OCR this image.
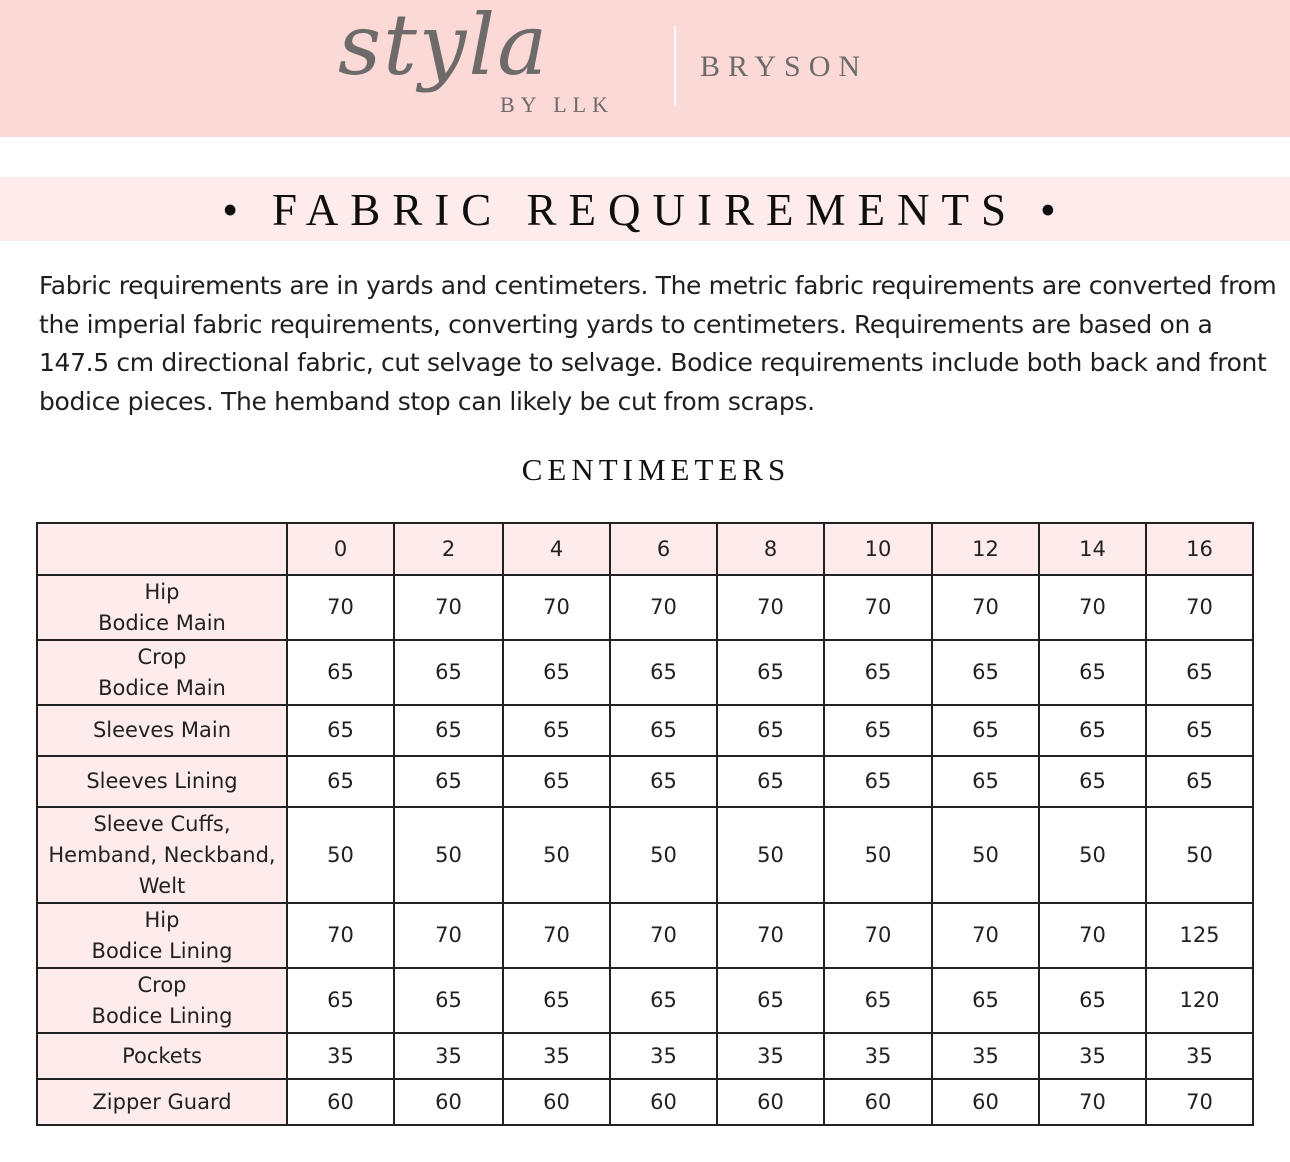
styla
BY LLK
BRYSON
• FABRIC REQUIREMENTS •
Fabric requirements are in yards and centimeters. The metric fabric requirements are converted from the imperial fabric requirements, converting yards to centimeters. Requirements are based on a 147.5 cm directional fabric, cut selvage to selvage. Bodice requirements include both back and front bodice pieces. The hemband stop can likely be cut from scraps.
CENTIMETERS
	0	2	4	6	8	10	12	14	16

Hip
Bodice Main	70	70	70	70	70	70	70	70	70

Crop
Bodice Main	65	65	65	65	65	65	65	65	65

Sleeves Main	65	65	65	65	65	65	65	65	65

Sleeves Lining	65	65	65	65	65	65	65	65	65

Sleeve Cuffs,
Hemband, Neckband,
Welt	50	50	50	50	50	50	50	50	50

Hip
Bodice Lining	70	70	70	70	70	70	70	70	125

Crop
Bodice Lining	65	65	65	65	65	65	65	65	120

Pockets	35	35	35	35	35	35	35	35	35

Zipper Guard	60	60	60	60	60	60	60	70	70
